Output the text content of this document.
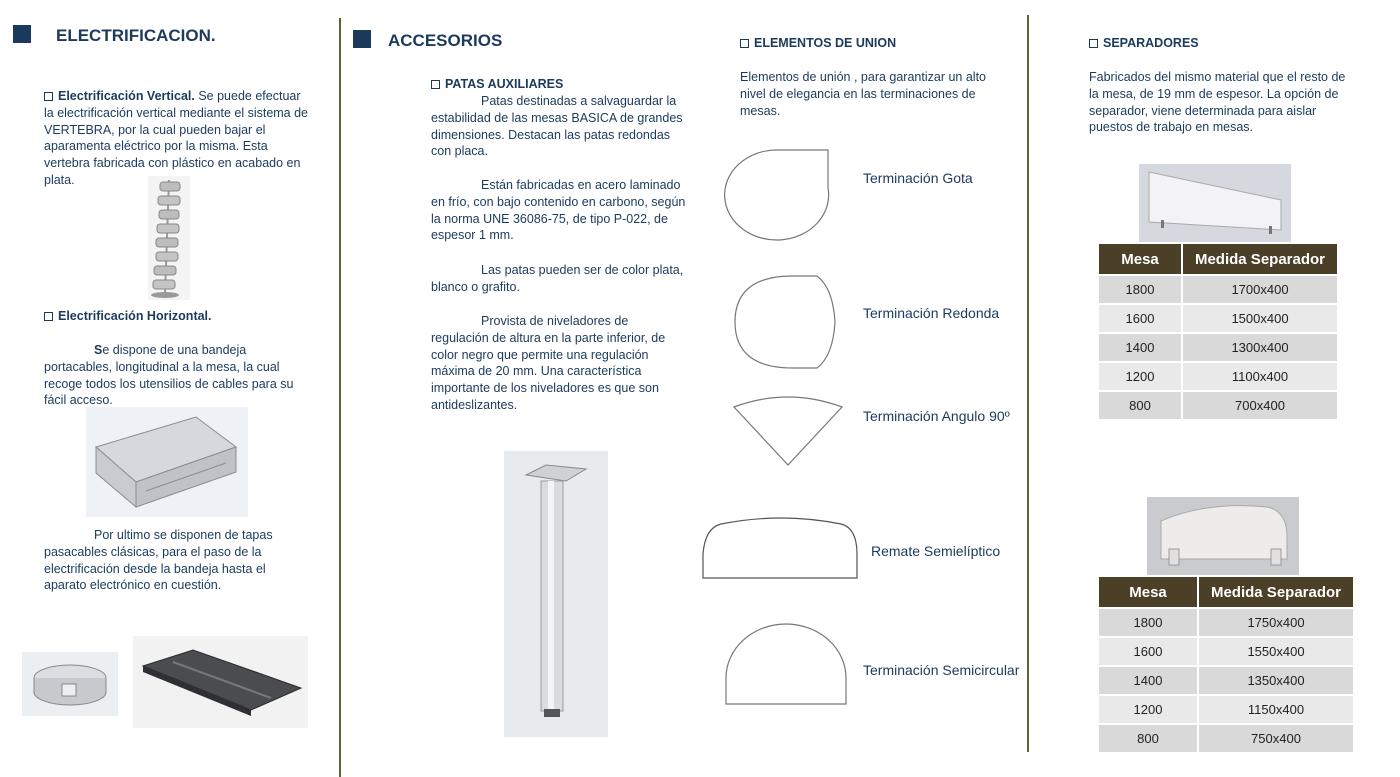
ELECTRIFICACION.
Electrificación Vertical. Se puede efectuar la electrificación vertical mediante el sistema de VERTEBRA, por la cual pueden bajar el aparamenta eléctrico por la misma. Esta vertebra fabricada con plástico en acabado en plata.
Electrificación Horizontal.
Se dispone de una bandeja portacables, longitudinal a la mesa, la cual recoge todos los utensilios de cables para su fácil acceso.
Por ultimo se disponen de tapas pasacables clásicas, para el paso de la electrificación desde la bandeja hasta el aparato electrónico en cuestión.
ACCESORIOS
PATAS AUXILIARES
Patas destinadas a salvaguardar la estabilidad de las mesas BASICA de grandes dimensiones. Destacan las patas redondas con placa.
Están fabricadas en acero laminado en frío, con bajo contenido en carbono, según la norma UNE 36086-75, de tipo P-022, de espesor 1 mm.
Las patas pueden ser de color plata, blanco o grafito.
Provista de niveladores de regulación de altura en la parte inferior, de color negro que permite una regulación máxima de 20 mm. Una característica importante de los niveladores es que son antideslizantes.
ELEMENTOS DE UNION
Elementos de unión , para garantizar un alto nivel de elegancia en las terminaciones de mesas.
Terminación Gota
Terminación Redonda
Terminación Angulo 90º
Remate Semielíptico
Terminación Semicircular
SEPARADORES
Fabricados del mismo material que el resto de la mesa, de 19 mm de espesor. La opción de separador, viene determinada para aislar puestos de trabajo en mesas.
Mesa	Medida Separador
1800	1700x400
1600	1500x400
1400	1300x400
1200	1100x400
800	700x400
Mesa	Medida Separador
1800	1750x400
1600	1550x400
1400	1350x400
1200	1150x400
800	750x400
